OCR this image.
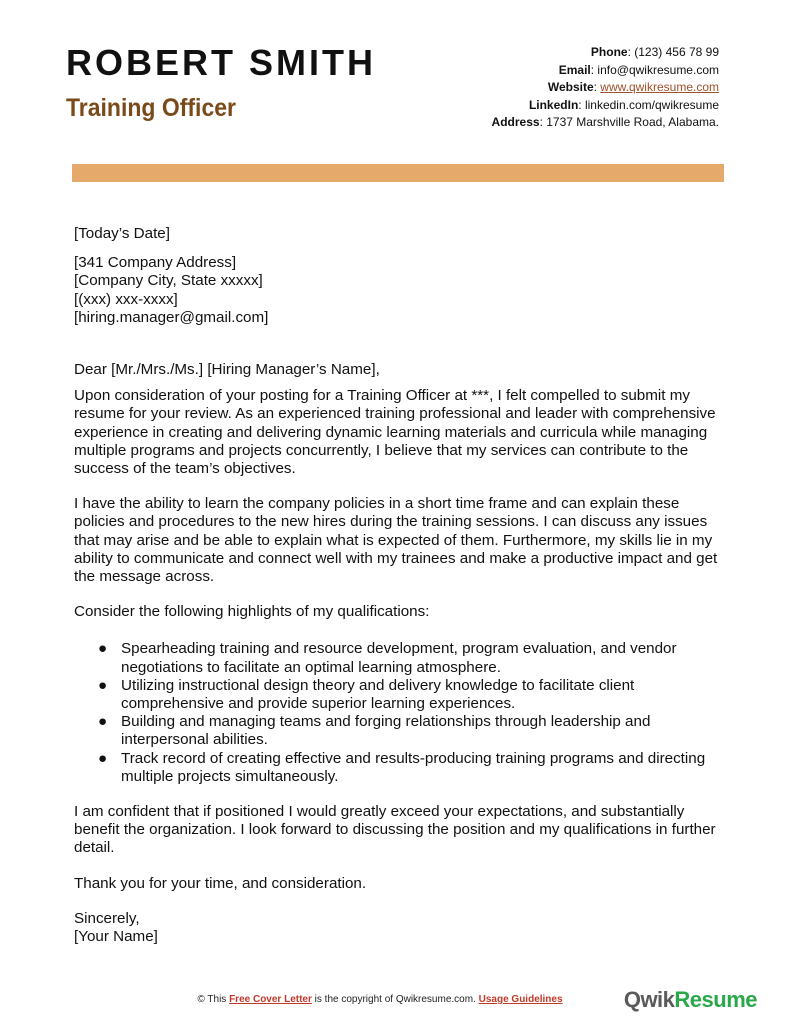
ROBERT SMITH
Training Officer
Phone: (123) 456 78 99
Email: info@qwikresume.com
Website: www.qwikresume.com
LinkedIn: linkedin.com/qwikresume
Address: 1737 Marshville Road, Alabama.

[Today’s Date]

[341 Company Address]

[Company City, State xxxxx]

[(xxx) xxx-xxxx]

[hiring.manager@gmail.com]

Dear [Mr./Mrs./Ms.] [Hiring Manager’s Name],

Upon consideration of your posting for a Training Officer at ***, I felt compelled to submit my resume for your review. As an experienced training professional and leader with comprehensive experience in creating and delivering dynamic learning materials and curricula while managing multiple programs and projects concurrently, I believe that my services can contribute to the success of the team’s objectives.

I have the ability to learn the company policies in a short time frame and can explain these policies and procedures to the new hires during the training sessions. I can discuss any issues that may arise and be able to explain what is expected of them. Furthermore, my skills lie in my ability to communicate and connect well with my trainees and make a productive impact and get the message across.

Consider the following highlights of my qualifications:

● Spearheading training and resource development, program evaluation, and vendor negotiations to facilitate an optimal learning atmosphere.
● Utilizing instructional design theory and delivery knowledge to facilitate client comprehensive and provide superior learning experiences.
● Building and managing teams and forging relationships through leadership and interpersonal abilities.
● Track record of creating effective and results-producing training programs and directing multiple projects simultaneously.

I am confident that if positioned I would greatly exceed your expectations, and substantially benefit the organization. I look forward to discussing the position and my qualifications in further detail.

Thank you for your time, and consideration.

Sincerely,

[Your Name]

© This Free Cover Letter is the copyright of Qwikresume.com. Usage Guidelines	QwikResume
